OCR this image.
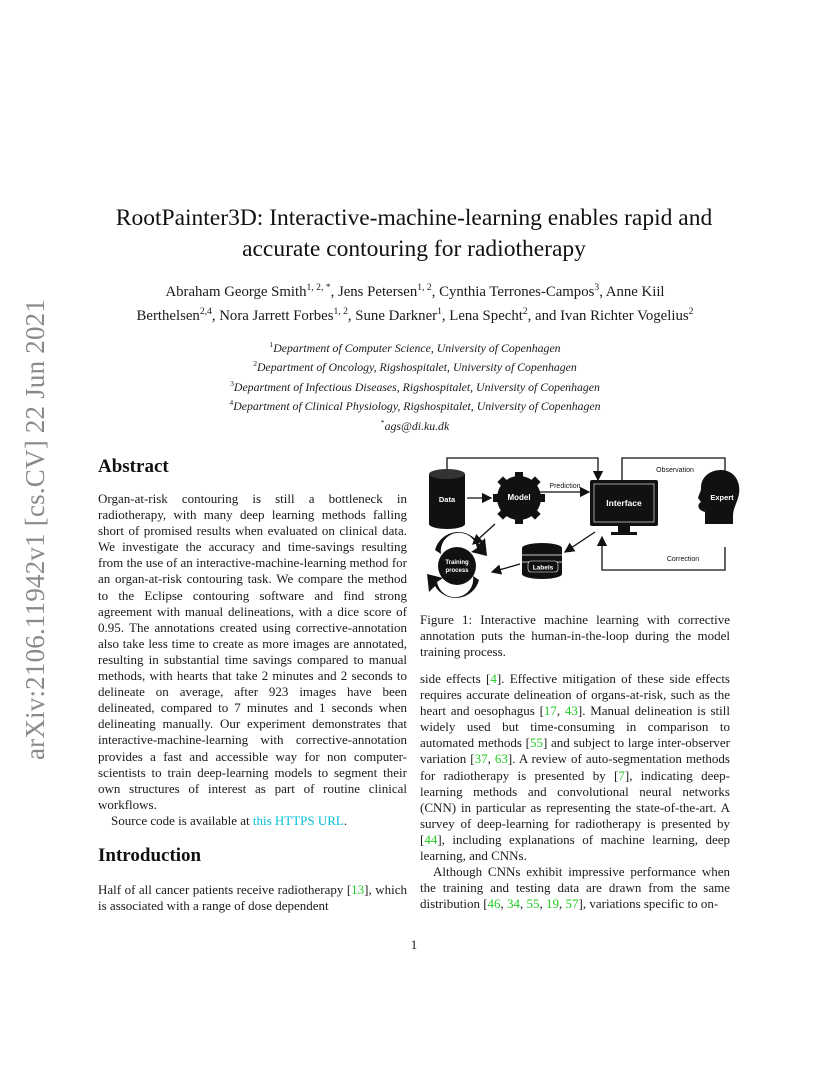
arXiv:2106.11942v1 [cs.CV] 22 Jun 2021
RootPainter3D: Interactive-machine-learning enables rapid and
accurate contouring for radiotherapy
Abraham George Smith$^{1, 2, *}$, Jens Petersen$^{1, 2}$, Cynthia Terrones-Campos$^3$, Anne Kiil
Berthelsen$^{2,4}$, Nora Jarrett Forbes$^{1, 2}$, Sune Darkner$^1$, Lena Specht$^2$, and Ivan Richter Vogelius$^2$
$^1$Department of Computer Science, University of Copenhagen
$^2$Department of Oncology, Rigshospitalet, University of Copenhagen
$^3$Department of Infectious Diseases, Rigshospitalet, University of Copenhagen
$^4$Department of Clinical Physiology, Rigshospitalet, University of Copenhagen
*ags@di.ku.dk
Abstract
Organ-at-risk contouring is still a bottleneck in radiotherapy, with many deep learning methods falling short of promised results when evaluated on clinical data. We investigate the accuracy and time-savings resulting from the use of an interactive-machine-learning method for an organ-at-risk contouring task. We compare the method to the Eclipse contouring software and find strong agreement with manual delineations, with a dice score of 0.95. The annotations created using corrective-annotation also take less time to create as more images are annotated, resulting in substantial time savings compared to manual methods, with hearts that take 2 minutes and 2 seconds to delineate on average, after 923 images have been delineated, compared to 7 minutes and 1 seconds when delineating manually. Our experiment demonstrates that interactive-machine-learning with corrective-annotation provides a fast and accessible way for non computer-scientists to train deep-learning models to segment their own structures of interest as part of routine clinical workflows.
Source code is available at this HTTPS URL.
Introduction
Half of all cancer patients receive radiotherapy [13], which is associated with a range of dose dependent
Data	Model
Prediction
Interface
Observation
Expert
Correction
Labels
Training
process
Figure 1: Interactive machine learning with corrective annotation puts the human-in-the-loop during the model training process.
side effects [4]. Effective mitigation of these side effects requires accurate delineation of organs-at-risk, such as the heart and oesophagus [17, 43]. Manual delineation is still widely used but time-consuming in comparison to automated methods [55] and subject to large inter-observer variation [37, 63]. A review of auto-segmentation methods for radiotherapy is presented by [7], indicating deep-learning methods and convolutional neural networks (CNN) in particular as representing the state-of-the-art. A survey of deep-learning for radiotherapy is presented by [44], including explanations of machine learning, deep learning, and CNNs.
Although CNNs exhibit impressive performance when the training and testing data are drawn from the same distribution [46, 34, 55, 19, 57], variations specific to on-
1
